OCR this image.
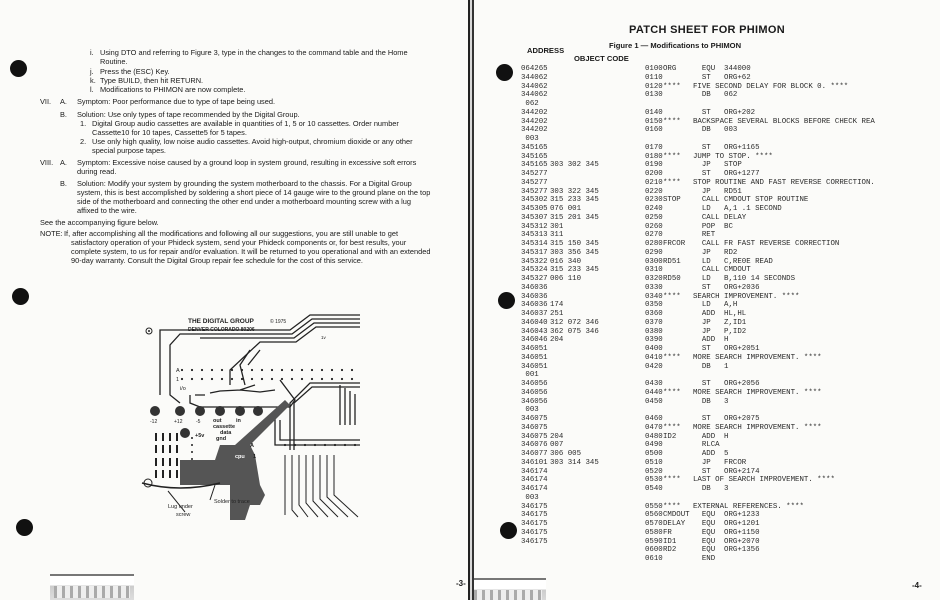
i. Using DTO and referring to Figure 3, type in the changes to the command table and the Home
Routine.
j. Press the (ESC) Key.
k. Type BUILD, then hit RETURN.
l. Modifications to PHIMON are now complete.
VII. A. Symptom: Poor performance due to type of tape being used.
B. Solution: Use only types of tape recommended by the Digital Group.
1. Digital Group audio cassettes are available in quantities of 1, 5 or 10 cassettes. Order number
Cassette10 for 10 tapes, Cassette5 for 5 tapes.
2. Use only high quality, low noise audio cassettes. Avoid high-output, chromium dioxide or any other
special purpose tapes.
VIII. A. Symptom: Excessive noise caused by a ground loop in system ground, resulting in excessive soft errors
during read.
B. Solution: Modify your system by grounding the system motherboard to the chassis. For a Digital Group
system, this is best accomplished by soldering a short piece of 14 gauge wire to the ground plane on the top
side of the motherboard and connecting the other end under a motherboard mounting screw with a lug
affixed to the wire.
See the accompanying figure below.
NOTE: If, after accomplishing all the modifications and following all our suggestions, you are still unable to get
satisfactory operation of your Phideck system, send your Phideck components or, for best results, your
complete system, to us for repair and/or evaluation. It will be returned to you operational and with an extended
90-day warranty. Consult the Digital Group repair fee schedule for the cost of this service.
THE DIGITAL GROUP	© 1975
DENVER COLORADO 80206
A
1
i/o
1v
-12	+12	-5 out	in
cassette
data
gnd
+5v
A
cpu 1
Lug under
screw
Solder to trace
-3-
PATCH SHEET FOR PHIMON
Figure 1 — Modifications to PHIMON
ADDRESS
OBJECT CODE
064265	0100 ORG EQU  344000
344062	0110	ST   ORG+62
344062	0120 **** FIVE SECOND DELAY FOR BLOCK 0. ****
344062	0130	DB   062
062
344202	0140	ST   ORG+202
344202	0150 **** BACKSPACE SEVERAL BLOCKS BEFORE CHECK REA
344202	0160	DB   003
003
345165	0170	ST   ORG+1165
345165	0180 **** JUMP TO STOP. ****
345165 303 302 345	0190	JP   STOP
345277	0200	ST   ORG+1277
345277	0210 **** STOP ROUTINE AND FAST REVERSE CORRECTION.
345277 303 322 345	0220	JP   RD51
345302 315 233 345	0230 STOP CALL CMDOUT STOP ROUTINE
345305 076 001	0240	LD   A,1 .1 SECOND
345307 315 201 345	0250	CALL DELAY
345312 301	0260	POP  BC
345313 311	0270	RET
345314 315 150 345	0280 FRCOR CALL FR FAST REVERSE CORRECTION
345317 303 356 345	0290	JP   RD2
345322 016 340	0300 RD51 LD   C,RE0E READ
345324 315 233 345	0310	CALL CMDOUT
345327 006 110	0320 RD50 LD   B,110 14 SECONDS
346036	0330	ST   ORG+2036
346036	0340 **** SEARCH IMPROVEMENT. ****
346036 174	0350	LD   A,H
346037 251	0360	ADD  HL,HL
346040 312 072 346	0370	JP   Z,ID1
346043 362 075 346	0380	JP   P,ID2
346046 204	0390	ADD  H
346051	0400	ST   ORG+2051
346051	0410 **** MORE SEARCH IMPROVEMENT. ****
346051	0420	DB   1
001
346056	0430	ST   ORG+2056
346056	0440 **** MORE SEARCH IMPROVEMENT. ****
346056	0450	DB   3
003
346075	0460	ST   ORG+2075
346075	0470 **** MORE SEARCH IMPROVEMENT. ****
346075 204	0480 ID2 ADD  H
346076 007	0490	RLCA
346077 306 005	0500	ADD  5
346101 303 314 345	0510	JP   FRCOR
346174	0520	ST   ORG+2174
346174	0530 **** LAST OF SEARCH IMPROVEMENT. ****
346174	0540	DB   3
003
346175	0550 **** EXTERNAL REFERENCES. ****
346175	0560 CMDOUT EQU  ORG+1233
346175	0570 DELAY EQU  ORG+1201
346175	0580 FR	EQU  ORG+1150
346175	0590 ID1 EQU  ORG+2070
0600 RD2 EQU  ORG+1356
0610	END
-4-
